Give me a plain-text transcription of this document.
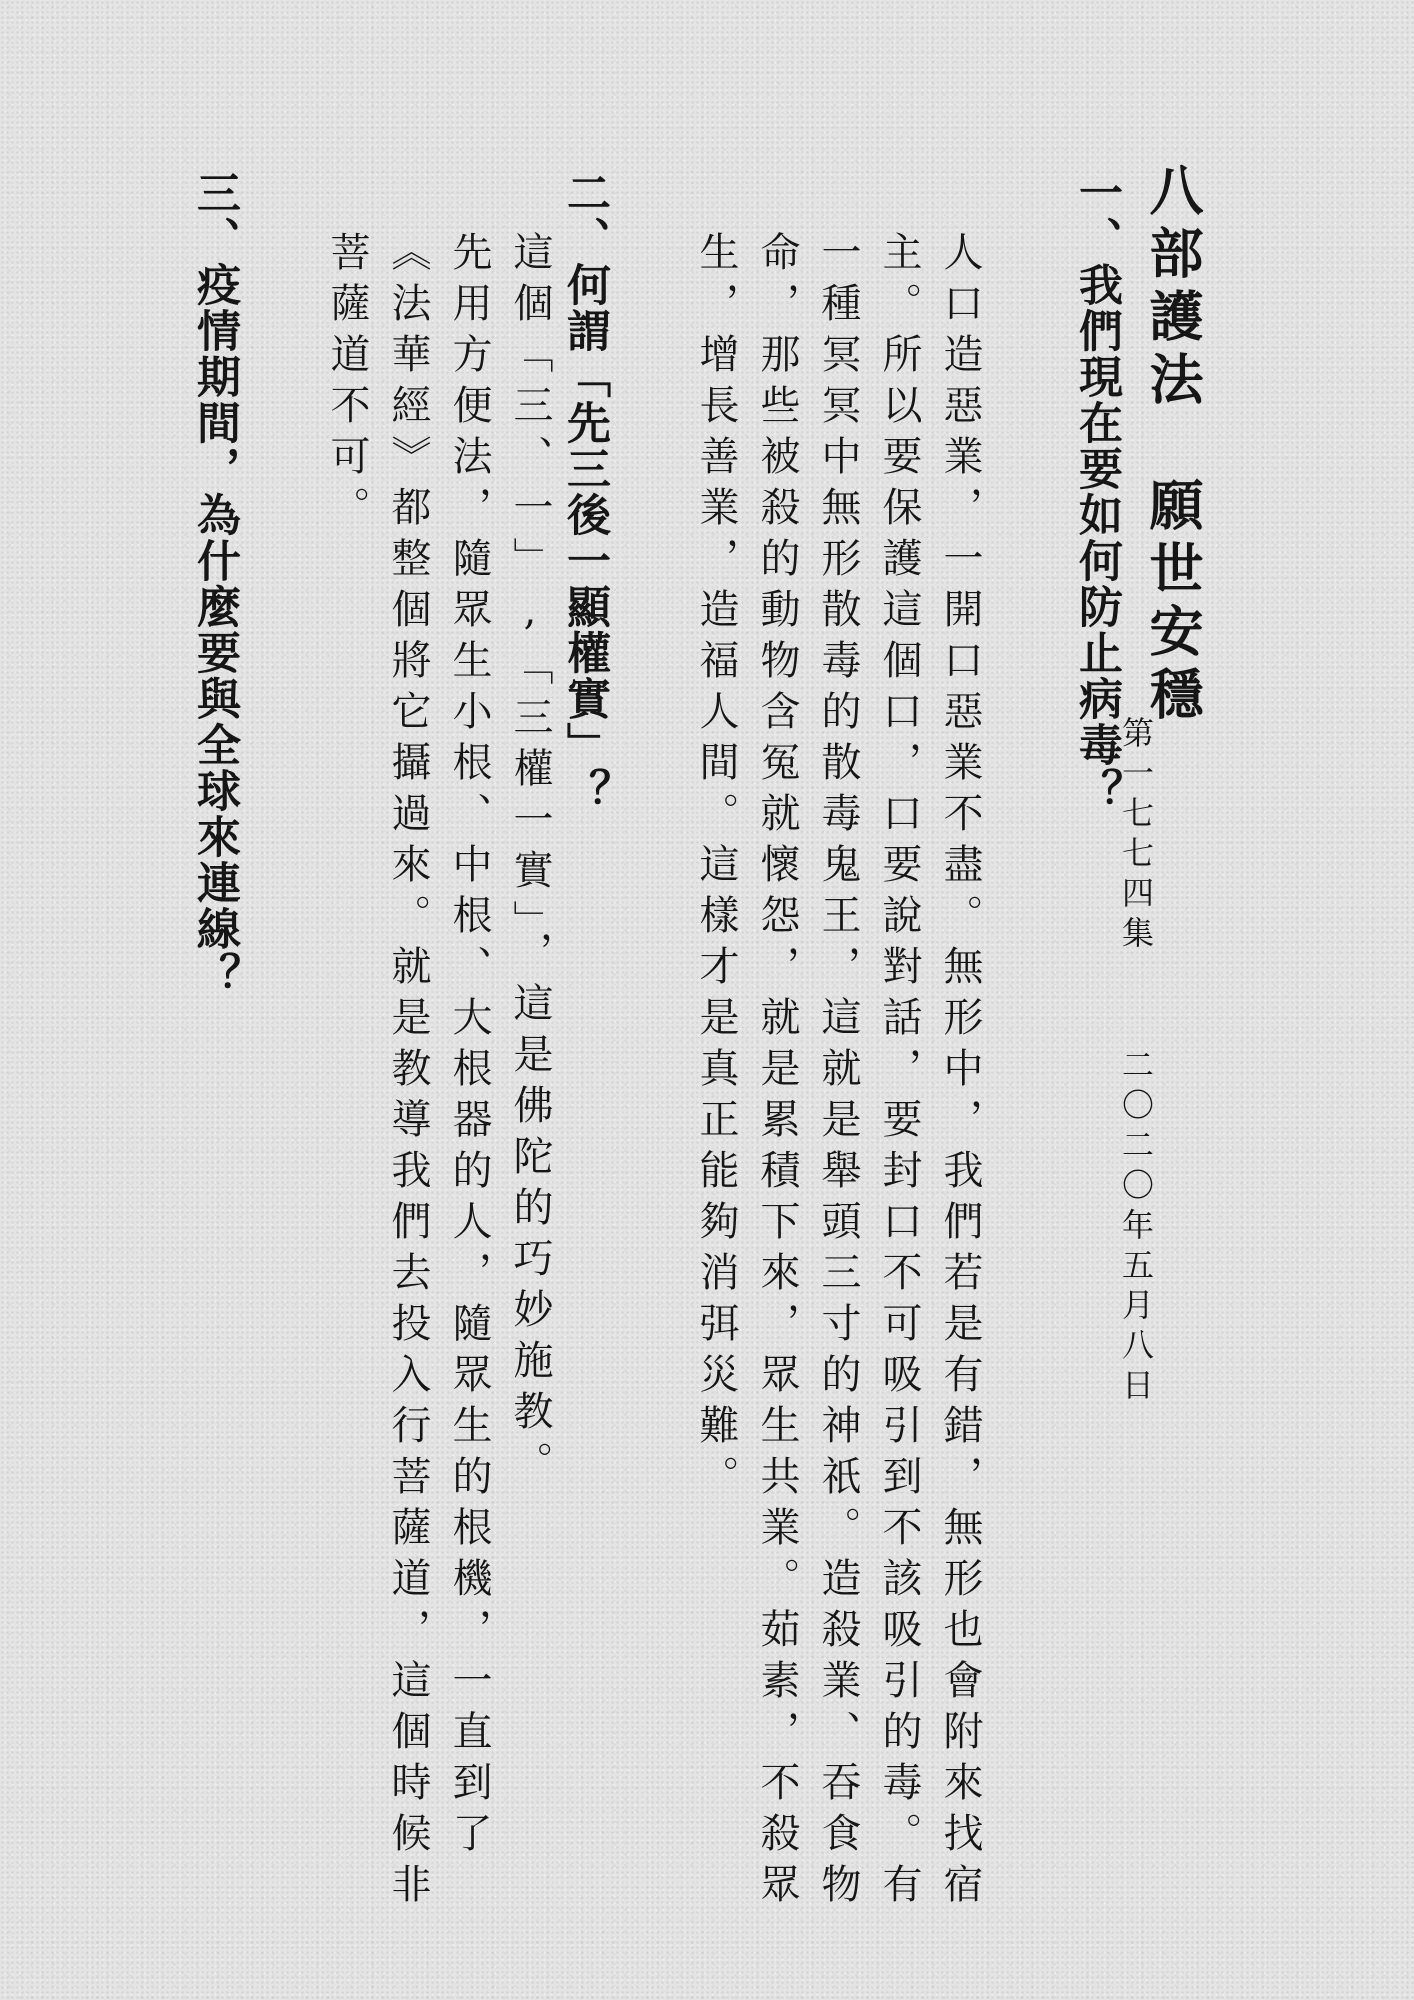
八部護法　願世安穩
第一七七四集
二〇二〇年五月八日
一、我們現在要如何防止病毒？
人口造惡業，一開口惡業不盡。無形中，我們若是有錯，無形也會附來找宿
主。所以要保護這個口，口要說對話，要封口不可吸引到不該吸引的毒。有
一種冥冥中無形散毒的散毒鬼王，這就是舉頭三寸的神祇。造殺業、吞食物
命，那些被殺的動物含冤就懷怨，就是累積下來，眾生共業。茹素，不殺眾
生，增長善業，造福人間。這樣才是真正能夠消弭災難。
二、何謂「先三後一顯權實」？
這個「三、一」,「三權一實」，這是佛陀的巧妙施教。
先用方便法，隨眾生小根、中根、大根器的人，隨眾生的根機，一直到了
《法華經》都整個將它攝過來。就是教導我們去投入行菩薩道，這個時候非
菩薩道不可。
三、疫情期間，為什麼要與全球來連線？
